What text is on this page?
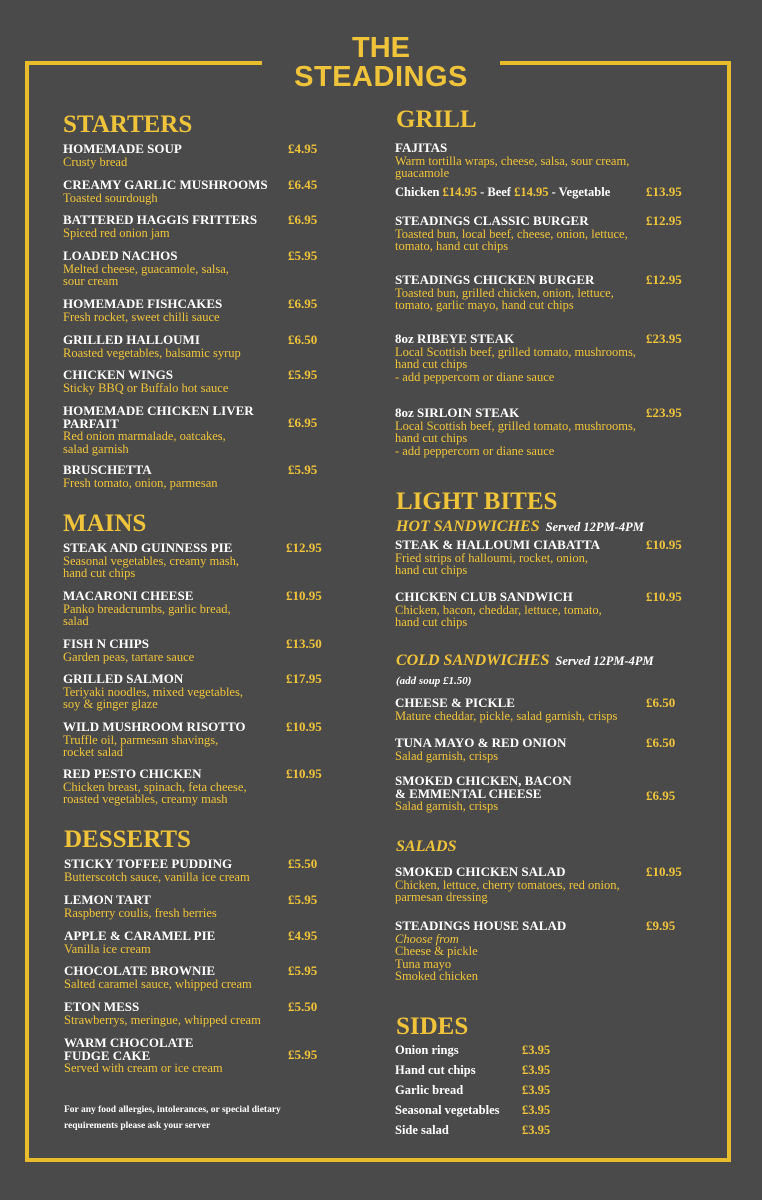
THE
STEADINGS
STARTERS
HOMEMADE SOUP
Crusty bread
£4.95
CREAMY GARLIC MUSHROOMS
Toasted sourdough
£6.45
BATTERED HAGGIS FRITTERS
Spiced red onion jam
£6.95
LOADED NACHOS
Melted cheese, guacamole, salsa,
sour cream
£5.95
HOMEMADE FISHCAKES
Fresh rocket, sweet chilli sauce
£6.95
GRILLED HALLOUMI
Roasted vegetables, balsamic syrup
£6.50
CHICKEN WINGS
Sticky BBQ or Buffalo hot sauce
£5.95
HOMEMADE CHICKEN LIVER
PARFAIT
Red onion marmalade, oatcakes,
salad garnish
£6.95
BRUSCHETTA
Fresh tomato, onion, parmesan
£5.95
MAINS
STEAK AND GUINNESS PIE
Seasonal vegetables, creamy mash,
hand cut chips
£12.95
MACARONI CHEESE
Panko breadcrumbs, garlic bread,
salad
£10.95
FISH N CHIPS
Garden peas, tartare sauce
£13.50
GRILLED SALMON
Teriyaki noodles, mixed vegetables,
soy & ginger glaze
£17.95
WILD MUSHROOM RISOTTO
Truffle oil, parmesan shavings,
rocket salad
£10.95
RED PESTO CHICKEN
Chicken breast, spinach, feta cheese,
roasted vegetables, creamy mash
£10.95
DESSERTS
STICKY TOFFEE PUDDING
Butterscotch sauce, vanilla ice cream
£5.50
LEMON TART
Raspberry coulis, fresh berries
£5.95
APPLE & CARAMEL PIE
Vanilla ice cream
£4.95
CHOCOLATE BROWNIE
Salted caramel sauce, whipped cream
£5.95
ETON MESS
Strawberrys, meringue, whipped cream
£5.50
WARM CHOCOLATE
FUDGE CAKE
Served with cream or ice cream
£5.95
For any food allergies, intolerances, or special dietary requirements please ask your server
GRILL
FAJITAS
Warm tortilla wraps, cheese, salsa, sour cream,
guacamole
Chicken £14.95 - Beef £14.95 - Vegetable	£13.95
STEADINGS CLASSIC BURGER
Toasted bun, local beef, cheese, onion, lettuce,
tomato, hand cut chips
£12.95
STEADINGS CHICKEN BURGER
Toasted bun, grilled chicken, onion, lettuce,
tomato, garlic mayo, hand cut chips
£12.95
8oz RIBEYE STEAK
Local Scottish beef, grilled tomato, mushrooms,
hand cut chips
- add peppercorn or diane sauce
£23.95
8oz SIRLOIN STEAK
Local Scottish beef, grilled tomato, mushrooms,
hand cut chips
- add peppercorn or diane sauce
£23.95
LIGHT BITES
HOT SANDWICHES Served 12PM-4PM
STEAK & HALLOUMI CIABATTA
Fried strips of halloumi, rocket, onion,
hand cut chips
£10.95
CHICKEN CLUB SANDWICH
Chicken, bacon, cheddar, lettuce, tomato,
hand cut chips
£10.95
COLD SANDWICHES Served 12PM-4PM
(add soup £1.50)
CHEESE & PICKLE
Mature cheddar, pickle, salad garnish, crisps
£6.50
TUNA MAYO & RED ONION
Salad garnish, crisps
£6.50
SMOKED CHICKEN, BACON
& EMMENTAL CHEESE
Salad garnish, crisps
£6.95
SALADS
SMOKED CHICKEN SALAD
Chicken, lettuce, cherry tomatoes, red onion,
parmesan dressing
£10.95
STEADINGS HOUSE SALAD
Choose from
Cheese & pickle
Tuna mayo
Smoked chicken
£9.95
SIDES
Onion rings	£3.95
Hand cut chips	£3.95
Garlic bread	£3.95
Seasonal vegetables £3.95
Side salad	£3.95
